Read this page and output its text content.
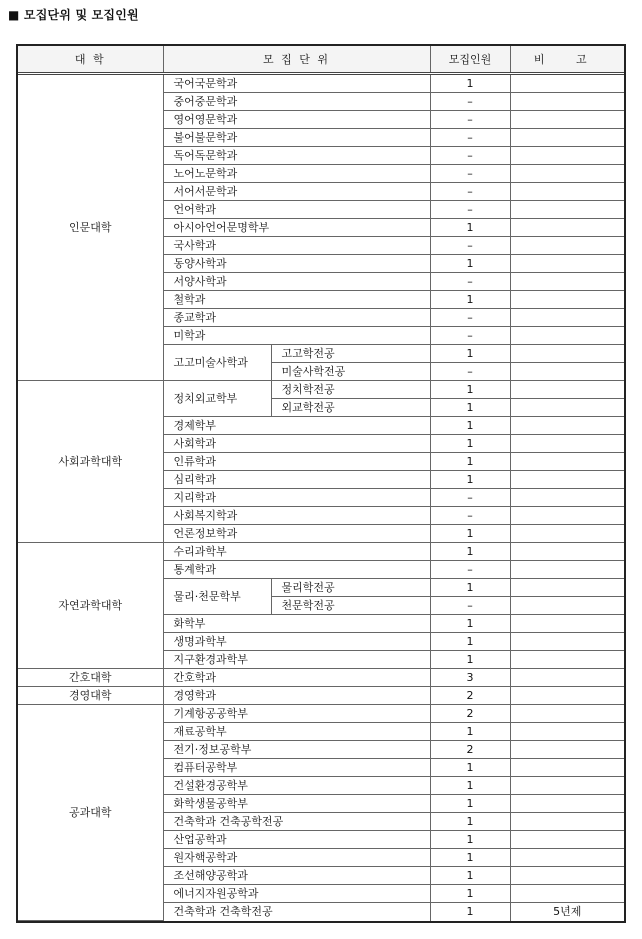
■ 모집단위 및 모집인원
대 학	모 집 단 위		모집인원	비 고
인문대학	국어국문학과		1	
	중어중문학과		–	
	영어영문학과		–	
	불어불문학과		–	
	독어독문학과		–	
	노어노문학과		–	
	서어서문학과		–	
	언어학과		–	
	아시아언어문명학부		1	
	국사학과		–	
	동양사학과		1	
	서양사학과		–	
	철학과		1	
	종교학과		–	
	미학과		–	
	고고미술사학과	고고학전공	1	
		미술사학전공	–	
사회과학대학	정치외교학부	정치학전공	1	
		외교학전공	1	
	경제학부		1	
	사회학과		1	
	인류학과		1	
	심리학과		1	
	지리학과		–	
	사회복지학과		–	
	언론정보학과		1	
자연과학대학	수리과학부		1	
	통계학과		–	
	물리·천문학부	물리학전공	1	
		천문학전공	–	
	화학부		1	
	생명과학부		1	
	지구환경과학부		1	
간호대학	간호학과		3	
경영대학	경영학과		2	
공과대학	기계항공공학부		2	
	재료공학부		1	
	전기·정보공학부		2	
	컴퓨터공학부		1	
	건설환경공학부		1	
	화학생물공학부		1	
	건축학과 건축공학전공		1	
	산업공학과		1	
	원자핵공학과		1	
	조선해양공학과		1	
	에너지자원공학과		1	
	건축학과 건축학전공		1	5년제
